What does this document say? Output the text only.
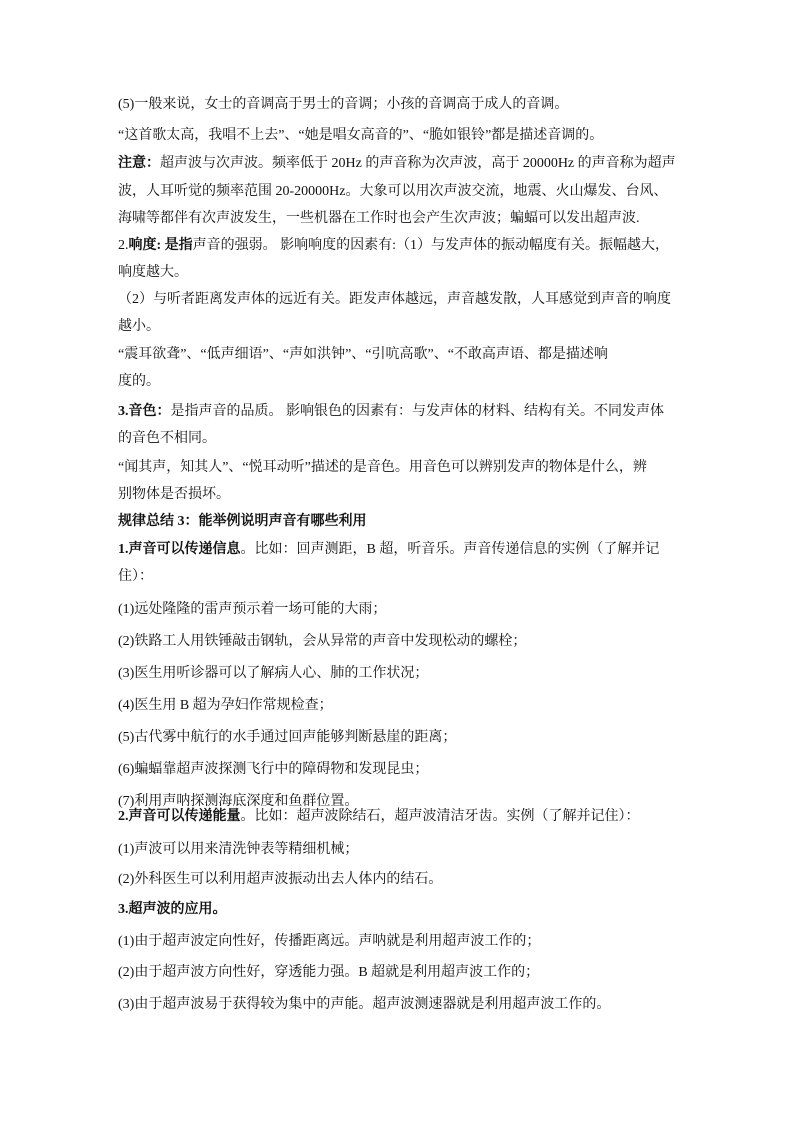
(5)一般来说，女士的音调高于男士的音调；小孩的音调高于成人的音调。
“这首歌太高，我唱不上去”、“她是唱女高音的”、“脆如银铃”都是描述音调的。
注意：超声波与次声波。频率低于 20Hz 的声音称为次声波，高于 20000Hz 的声音称为超声
波，人耳听觉的频率范围 20-20000Hz。大象可以用次声波交流，地震、火山爆发、台风、
海啸等都伴有次声波发生，一些机器在工作时也会产生次声波；蝙蝠可以发出超声波.
2.响度: 是指声音的强弱。 影响响度的因素有:（1）与发声体的振动幅度有关。振幅越大，
响度越大。
（2）与听者距离发声体的远近有关。距发声体越远，声音越发散，人耳感觉到声音的响度
越小。
“震耳欲聋”、“低声细语”、“声如洪钟”、“引吭高歌”、“不敢高声语、都是描述响
度的。
3.音色：是指声音的品质。 影响银色的因素有：与发声体的材料、结构有关。不同发声体
的音色不相同。
“闻其声，知其人”、“悦耳动听”描述的是音色。用音色可以辨别发声的物体是什么，辨
别物体是否损坏。
规律总结 3：能举例说明声音有哪些利用
1.声音可以传递信息。比如：回声测距，B 超，听音乐。声音传递信息的实例（了解并记
住）：
(1)远处隆隆的雷声预示着一场可能的大雨；
(2)铁路工人用铁锤敲击钢轨，会从异常的声音中发现松动的螺栓；
(3)医生用听诊器可以了解病人心、肺的工作状况；
(4)医生用 B 超为孕妇作常规检查；
(5)古代雾中航行的水手通过回声能够判断悬崖的距离；
(6)蝙蝠靠超声波探测飞行中的障碍物和发现昆虫；
(7)利用声呐探测海底深度和鱼群位置。
2.声音可以传递能量。比如：超声波除结石，超声波清洁牙齿。实例（了解并记住）：
(1)声波可以用来清洗钟表等精细机械；
(2)外科医生可以利用超声波振动出去人体内的结石。
3.超声波的应用。
(1)由于超声波定向性好，传播距离远。声呐就是利用超声波工作的；
(2)由于超声波方向性好，穿透能力强。B 超就是利用超声波工作的；
(3)由于超声波易于获得较为集中的声能。超声波测速器就是利用超声波工作的。
